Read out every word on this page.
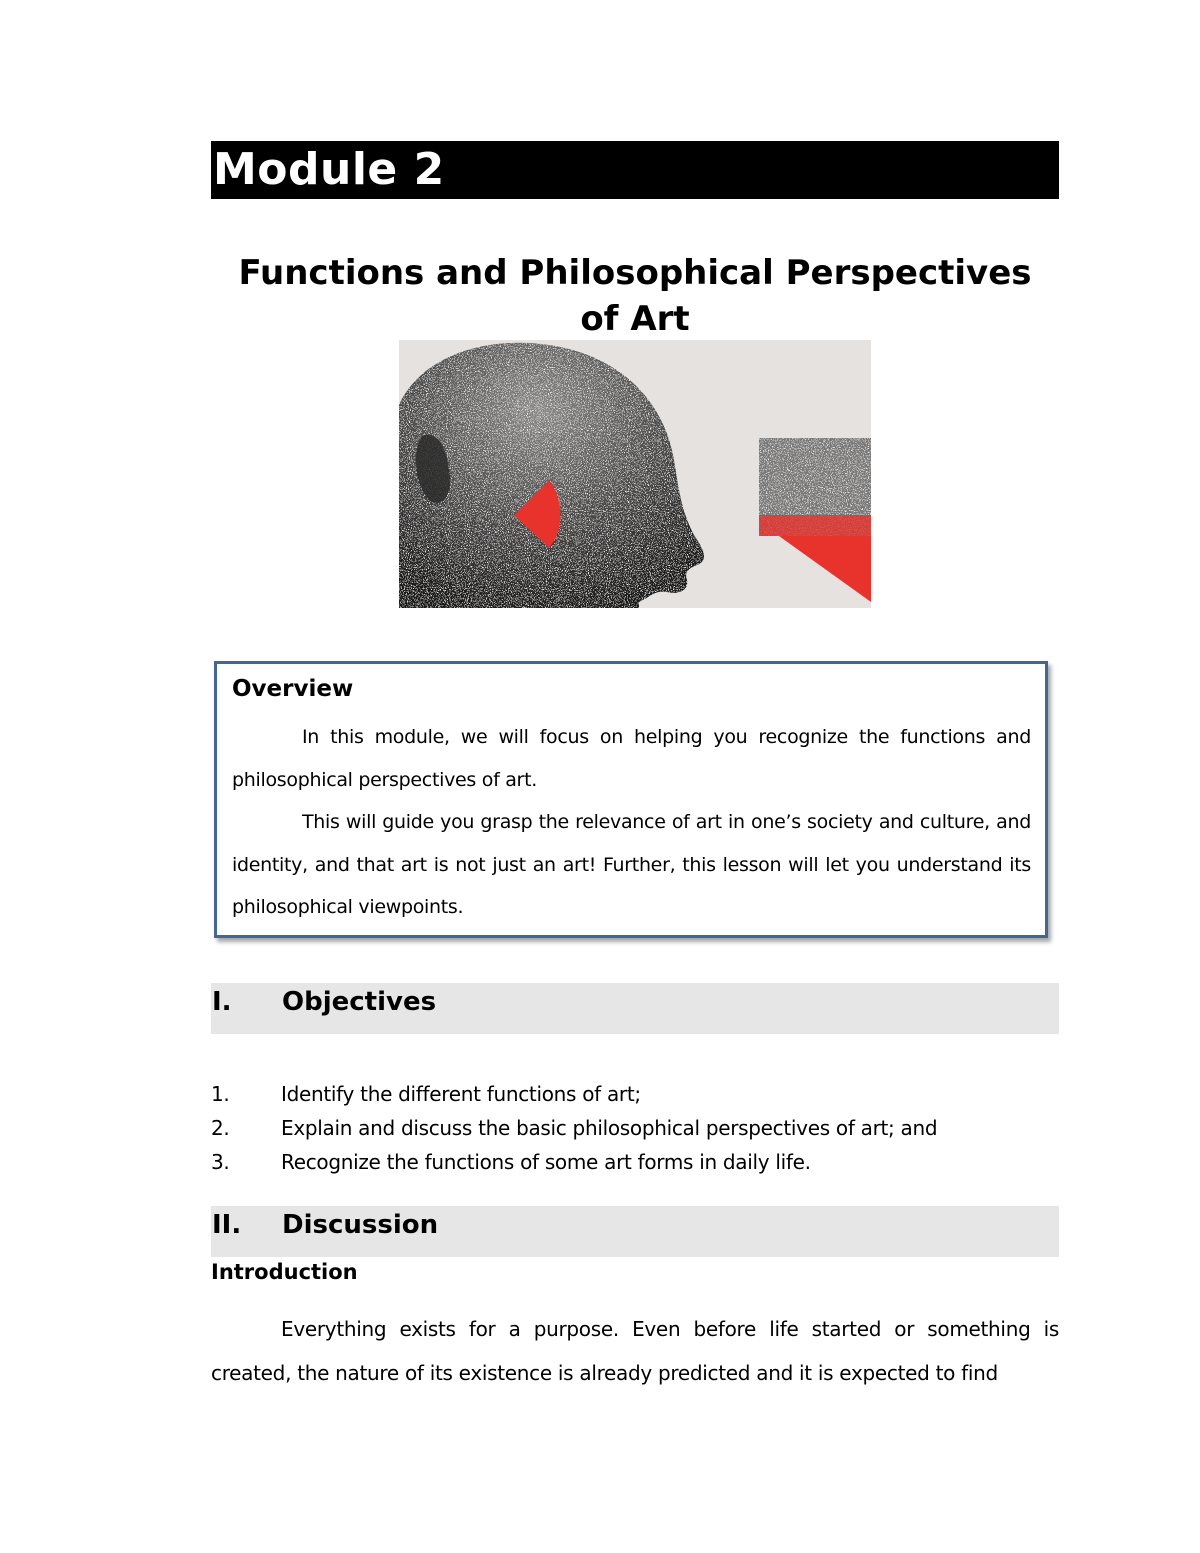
Module 2
Functions and Philosophical Perspectives
of Art
Overview

In this module, we will focus on helping you recognize the functions and philosophical perspectives of art.

This will guide you grasp the relevance of art in one’s society and culture, and identity, and that art is not just an art! Further, this lesson will let you understand its philosophical viewpoints.

I. Objectives
1.	Identify the different functions of art;
2.	Explain and discuss the basic philosophical perspectives of art; and
3.	Recognize the functions of some art forms in daily life.
II. Discussion
Introduction

Everything exists for a purpose. Even before life started or something is created, the nature of its existence is already predicted and it is expected to find
